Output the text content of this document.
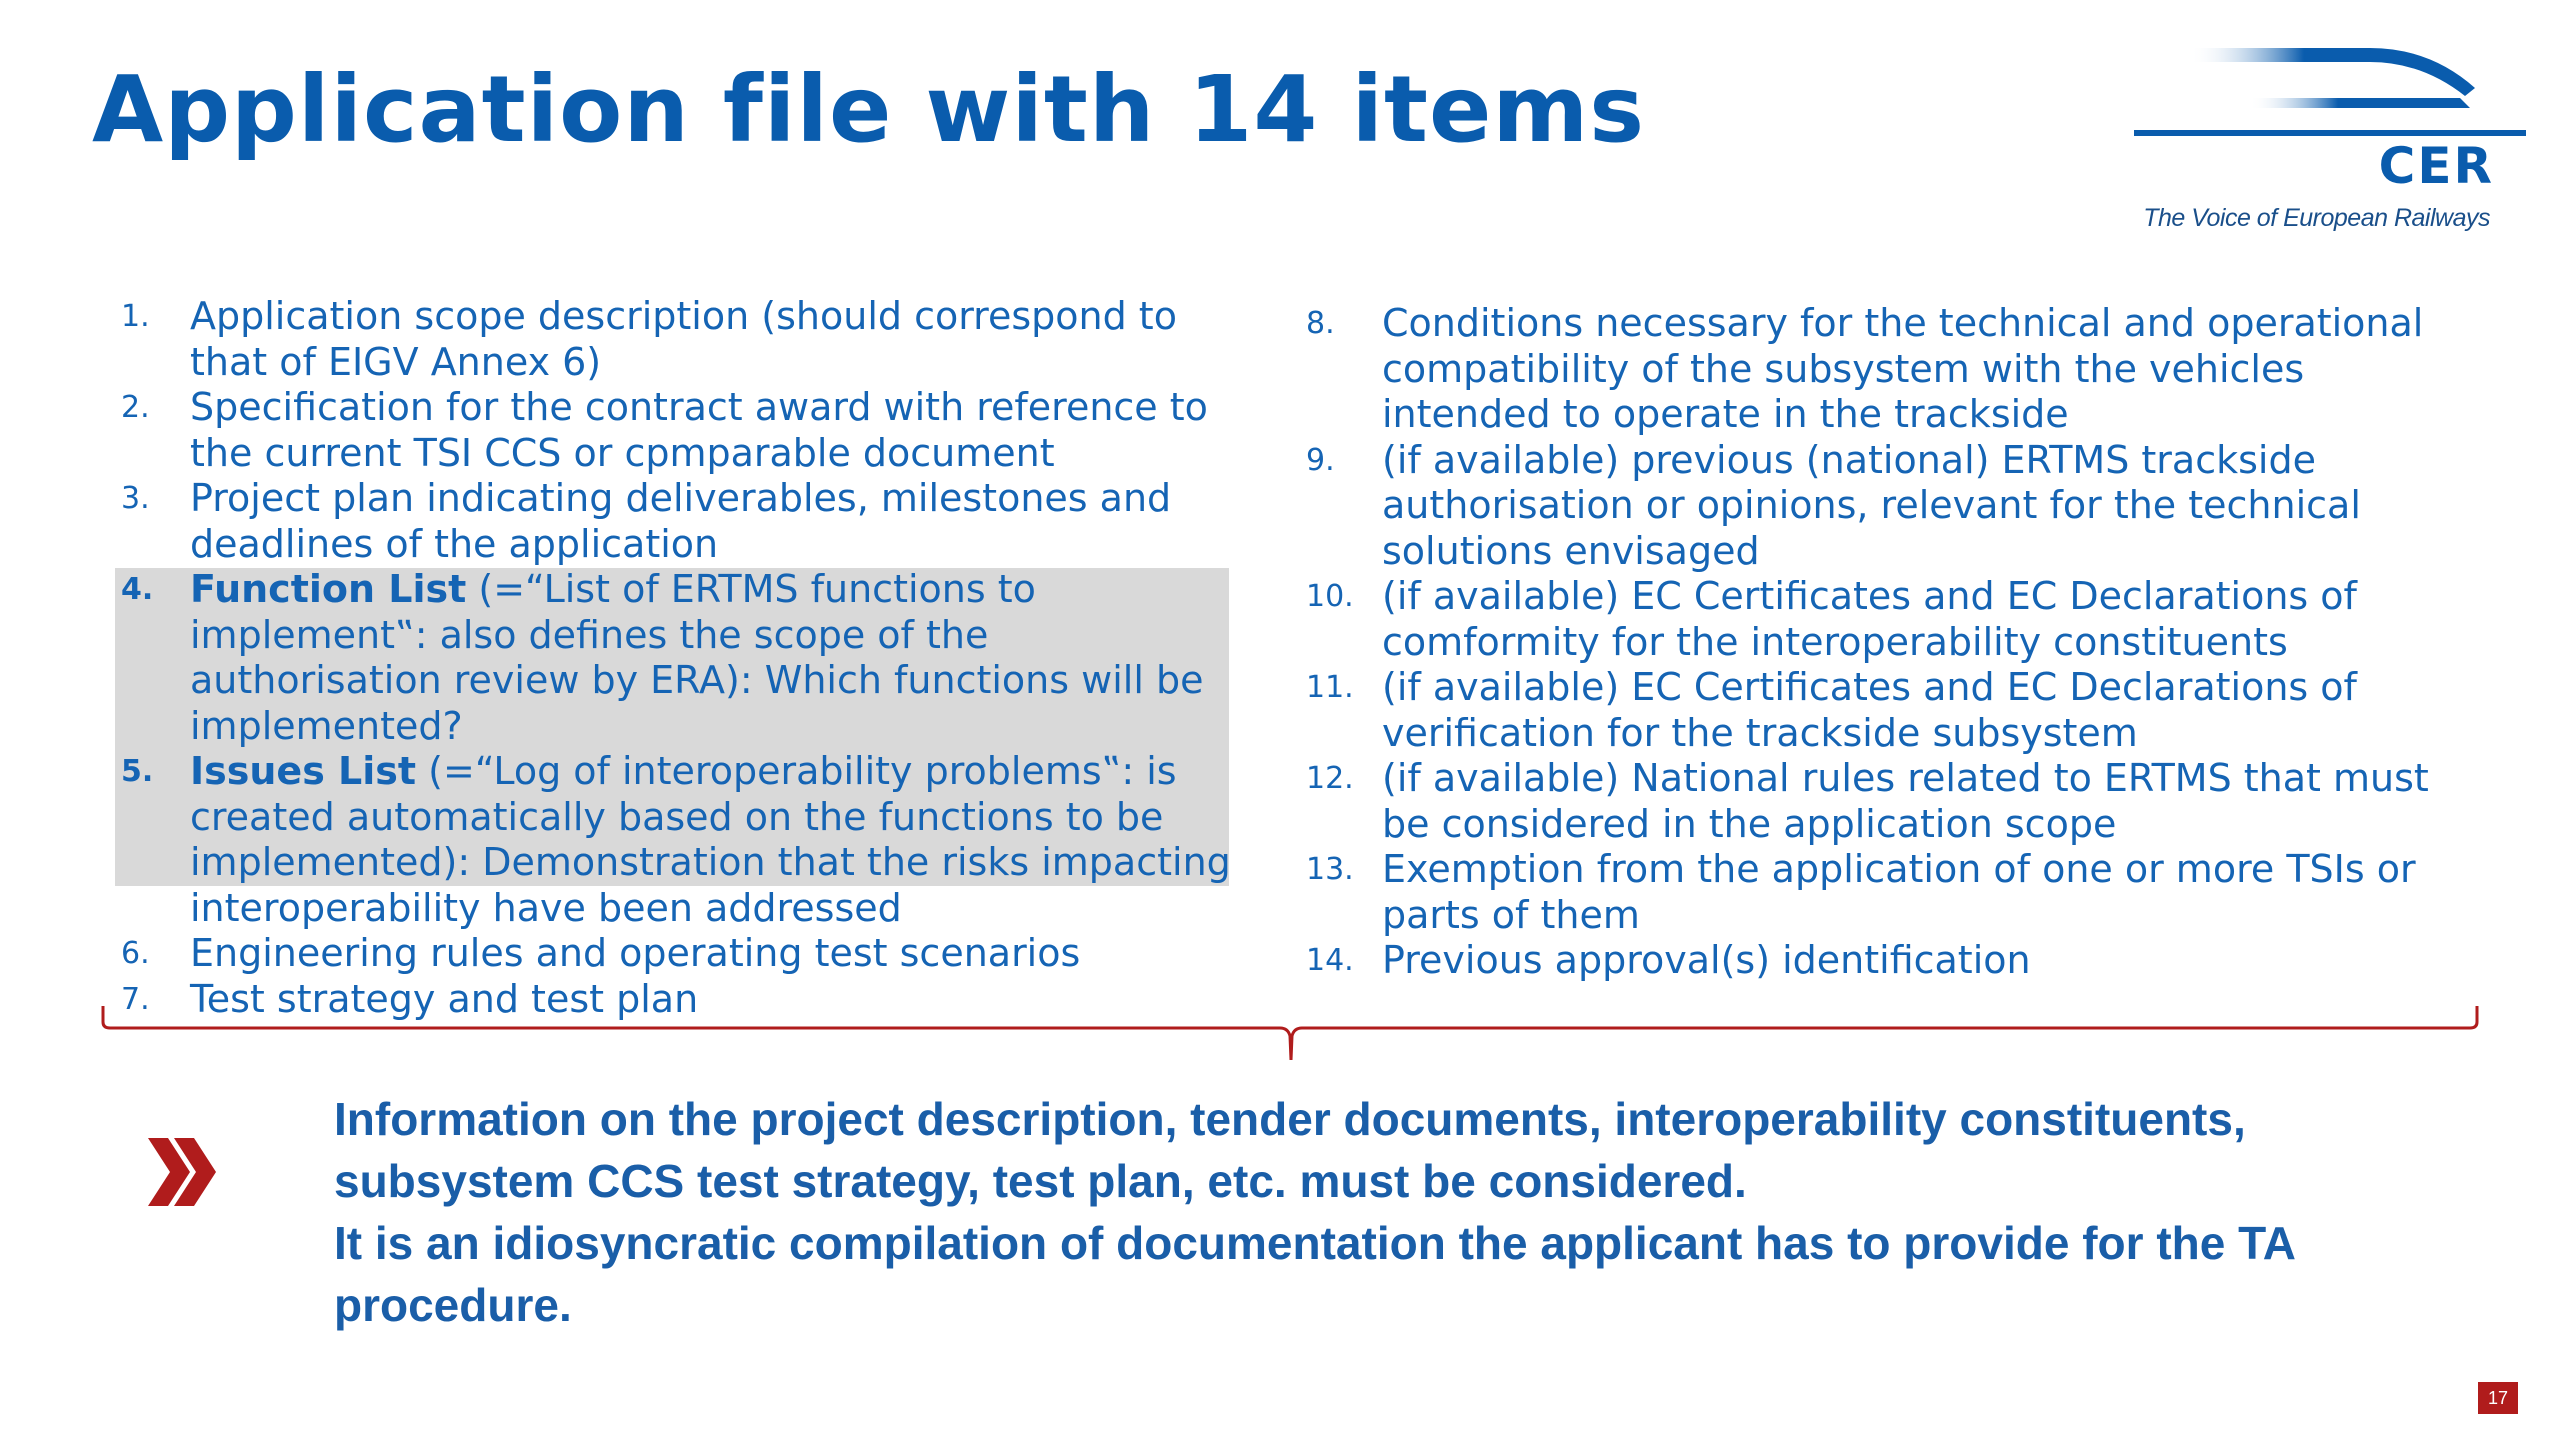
Application file with 14 items
CER
The Voice of European Railways
1.	Application scope description (should correspond to
that of EIGV Annex 6)
2.	Specification for the contract award with reference to
the current TSI CCS or cpmparable document
3.	Project plan indicating deliverables, milestones and
deadlines of the application
4. Function List (=“List of ERTMS functions to
implement‟: also defines the scope of the
authorisation review by ERA): Which functions will be
implemented?
5. Issues List (=“Log of interoperability problems‟: is
created automatically based on the functions to be
implemented): Demonstration that the risks impacting
interoperability have been addressed
6.	Engineering rules and operating test scenarios
7.	Test strategy and test plan
8.	Conditions necessary for the technical and operational
compatibility of the subsystem with the vehicles
intended to operate in the trackside
9.	(if available) previous (national) ERTMS trackside
authorisation or opinions, relevant for the technical
solutions envisaged
10. (if available) EC Certificates and EC Declarations of
comformity for the interoperability constituents
11. (if available) EC Certificates and EC Declarations of
verification for the trackside subsystem
12. (if available) National rules related to ERTMS that must
be considered in the application scope
13. Exemption from the application of one or more TSIs or
parts of them
14. Previous approval(s) identification

Information on the project description, tender documents, interoperability constituents, subsystem CCS test strategy, test plan, etc. must be considered.

It is an idiosyncratic compilation of documentation the applicant has to provide for the TA procedure.

17
